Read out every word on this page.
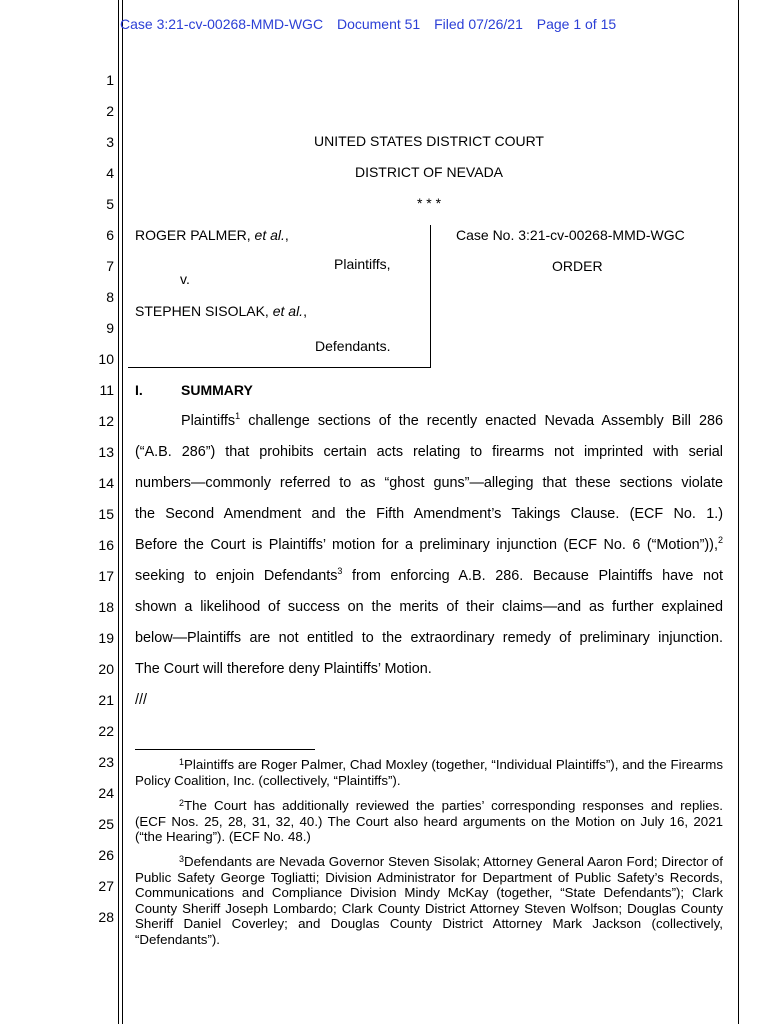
Case 3:21-cv-00268-MMD-WGC Document 51 Filed 07/26/21 Page 1 of 15
1
2
3
4
5
6
7
8
9
10
11
12
13
14
15
16
17
18
19
20
21
22
23
24
25
26
27
28
UNITED STATES DISTRICT COURT
DISTRICT OF NEVADA
* * *
ROGER PALMER, et al.,
Plaintiffs,
v.
STEPHEN SISOLAK, et al.,
Defendants.
Case No. 3:21-cv-00268-MMD-WGC
ORDER
I.	SUMMARY
Plaintiffs$^1$ challenge sections of the recently enacted Nevada Assembly Bill 286
(“A.B. 286”) that prohibits certain acts relating to firearms not imprinted with serial
numbers—commonly referred to as “ghost guns”—alleging that these sections violate
the Second Amendment and the Fifth Amendment’s Takings Clause. (ECF No. 1.)
Before the Court is Plaintiffs’ motion for a preliminary injunction (ECF No. 6 (“Motion”)),$^2$
seeking to enjoin Defendants$^3$ from enforcing A.B. 286. Because Plaintiffs have not
shown a likelihood of success on the merits of their claims—and as further explained
below—Plaintiffs are not entitled to the extraordinary remedy of preliminary injunction.
The Court will therefore deny Plaintiffs’ Motion.
///
$^1$Plaintiffs are Roger Palmer, Chad Moxley (together, “Individual Plaintiffs”), and the Firearms Policy Coalition, Inc. (collectively, “Plaintiffs”).
$^2$The Court has additionally reviewed the parties’ corresponding responses and replies. (ECF Nos. 25, 28, 31, 32, 40.) The Court also heard arguments on the Motion on July 16, 2021 (“the Hearing”). (ECF No. 48.)
$^3$Defendants are Nevada Governor Steven Sisolak; Attorney General Aaron Ford; Director of Public Safety George Togliatti; Division Administrator for Department of Public Safety’s Records, Communications and Compliance Division Mindy McKay (together, “State Defendants”); Clark County Sheriff Joseph Lombardo; Clark County District Attorney Steven Wolfson; Douglas County Sheriff Daniel Coverley; and Douglas County District Attorney Mark Jackson (collectively, “Defendants”).
